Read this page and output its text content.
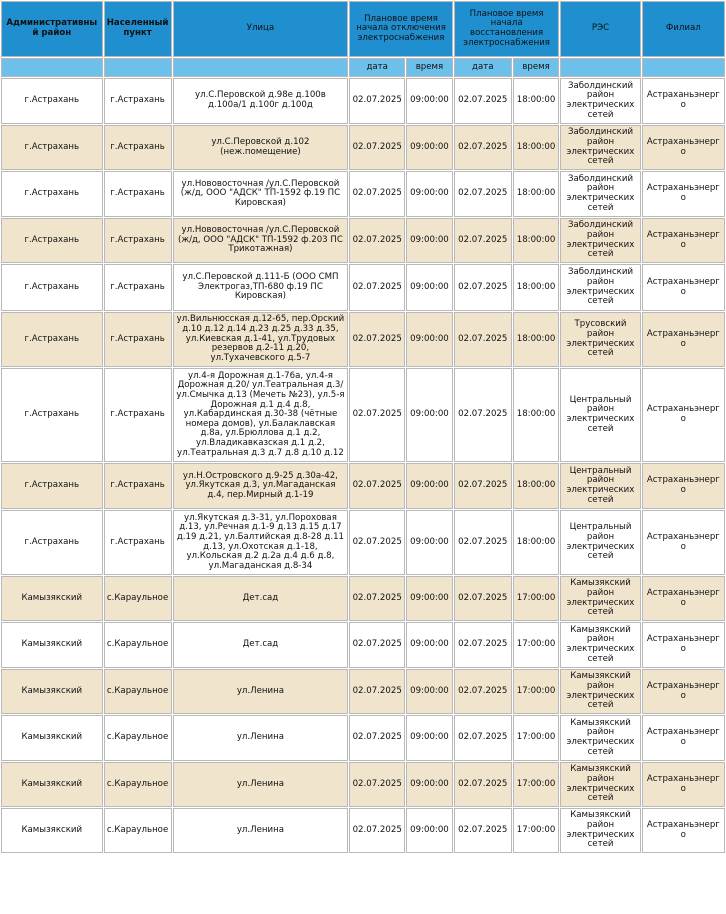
Административный район	Населенный пункт	Улица	Плановое время начала отключения электроснабжения		Плановое время начала восстановления электроснабжения		РЭС	Филиал
			дата	время	дата	время		
г.Астрахань	г.Астрахань	ул.С.Перовской д.98е д.100в д.100а/1 д.100г д.100д	02.07.2025	09:00:00	02.07.2025	18:00:00	Заболдинский район электрических сетей	Астраханьэнерго
г.Астрахань	г.Астрахань	ул.С.Перовской д.102 (неж.помещение)	02.07.2025	09:00:00	02.07.2025	18:00:00	Заболдинский район электрических сетей	Астраханьэнерго
г.Астрахань	г.Астрахань	ул.Нововосточная /ул.С.Перовской (ж/д, ООО "АДСК" ТП-1592 ф.19 ПС Кировская)	02.07.2025	09:00:00	02.07.2025	18:00:00	Заболдинский район электрических сетей	Астраханьэнерго
г.Астрахань	г.Астрахань	ул.Нововосточная /ул.С.Перовской (ж/д, ООО "АДСК" ТП-1592 ф.203 ПС Трикотажная)	02.07.2025	09:00:00	02.07.2025	18:00:00	Заболдинский район электрических сетей	Астраханьэнерго
г.Астрахань	г.Астрахань	ул.С.Перовской д.111-Б (ООО СМП Электрогаз,ТП-680 ф.19 ПС Кировская)	02.07.2025	09:00:00	02.07.2025	18:00:00	Заболдинский район электрических сетей	Астраханьэнерго
г.Астрахань	г.Астрахань	ул.Вильнюсская д.12-65, пер.Орский д.10 д.12 д.14 д.23 д.25 д.33 д.35, ул.Киевская д.1-41, ул.Трудовых резервов д.2-11 д.20, ул.Тухачевского д.5-7	02.07.2025	09:00:00	02.07.2025	18:00:00	Трусовский район электрических сетей	Астраханьэнерго
г.Астрахань	г.Астрахань	ул.4-я Дорожная д.1-76а, ул.4-я Дорожная д.20/ ул.Театральная д.3/ ул.Смычка д.13 (Мечеть №23), ул.5-я Дорожная д.1 д.4 д.8, ул.Кабардинская д.30-38 (чётные номера домов), ул.Балаклавская д.8а, ул.Брюллова д.1 д.2, ул.Владикавказская д.1 д.2, ул.Театральная д.3 д.7 д.8 д.10 д.12	02.07.2025	09:00:00	02.07.2025	18:00:00	Центральный район электрических сетей	Астраханьэнерго
г.Астрахань	г.Астрахань	ул.Н.Островского д.9-25 д.30а-42, ул.Якутская д.3, ул.Магаданская д.4, пер.Мирный д.1-19	02.07.2025	09:00:00	02.07.2025	18:00:00	Центральный район электрических сетей	Астраханьэнерго
г.Астрахань	г.Астрахань	ул.Якутская д.3-31, ул.Пороховая д.13, ул.Речная д.1-9 д.13 д.15 д.17 д.19 д.21, ул.Балтийская д.8-28 д.11 д.13, ул.Охотская д.1-18, ул.Кольская д.2 д.2а д.4 д.6 д.8, ул.Магаданская д.8-34	02.07.2025	09:00:00	02.07.2025	18:00:00	Центральный район электрических сетей	Астраханьэнерго
Камызякский	с.Караульное	Дет.сад	02.07.2025	09:00:00	02.07.2025	17:00:00	Камызякский район электрических сетей	Астраханьэнерго
Камызякский	с.Караульное	Дет.сад	02.07.2025	09:00:00	02.07.2025	17:00:00	Камызякский район электрических сетей	Астраханьэнерго
Камызякский	с.Караульное	ул.Ленина	02.07.2025	09:00:00	02.07.2025	17:00:00	Камызякский район электрических сетей	Астраханьэнерго
Камызякский	с.Караульное	ул.Ленина	02.07.2025	09:00:00	02.07.2025	17:00:00	Камызякский район электрических сетей	Астраханьэнерго
Камызякский	с.Караульное	ул.Ленина	02.07.2025	09:00:00	02.07.2025	17:00:00	Камызякский район электрических сетей	Астраханьэнерго
Камызякский	с.Караульное	ул.Ленина	02.07.2025	09:00:00	02.07.2025	17:00:00	Камызякский район электрических сетей	Астраханьэнерго
